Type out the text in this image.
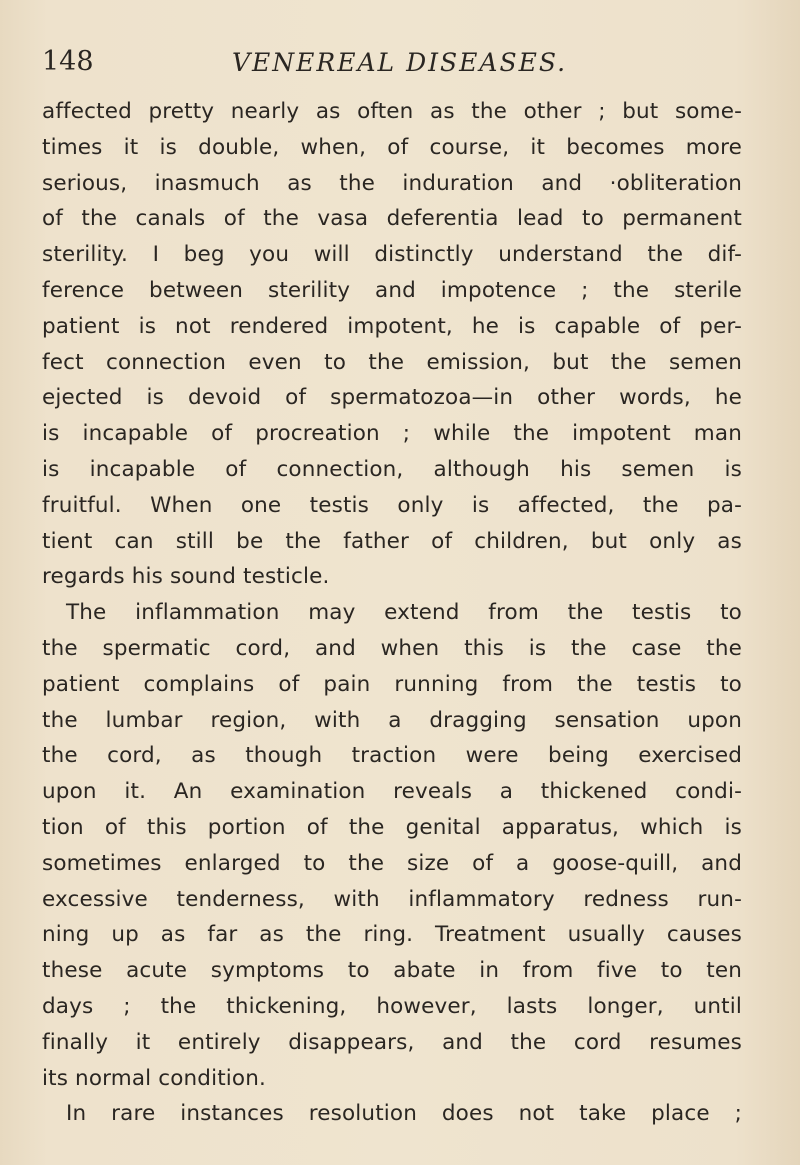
148	VENEREAL DISEASES.
affected pretty nearly as often as the other ; but some-
times it is double, when, of course, it becomes more
serious, inasmuch as the induration and ·obliteration
of the canals of the vasa deferentia lead to permanent
sterility. I beg you will distinctly understand the dif-
ference between sterility and impotence ; the sterile
patient is not rendered impotent, he is capable of per-
fect connection even to the emission, but the semen
ejected is devoid of spermatozoa—in other words, he
is incapable of procreation ; while the impotent man
is incapable of connection, although his semen is
fruitful. When one testis only is affected, the pa-
tient can still be the father of children, but only as
regards his sound testicle.
The inflammation may extend from the testis to
the spermatic cord, and when this is the case the
patient complains of pain running from the testis to
the lumbar region, with a dragging sensation upon
the cord, as though traction were being exercised
upon it. An examination reveals a thickened condi-
tion of this portion of the genital apparatus, which is
sometimes enlarged to the size of a goose-quill, and
excessive tenderness, with inflammatory redness run-
ning up as far as the ring. Treatment usually causes
these acute symptoms to abate in from five to ten
days ; the thickening, however, lasts longer, until
finally it entirely disappears, and the cord resumes
its normal condition.
In rare instances resolution does not take place ;
